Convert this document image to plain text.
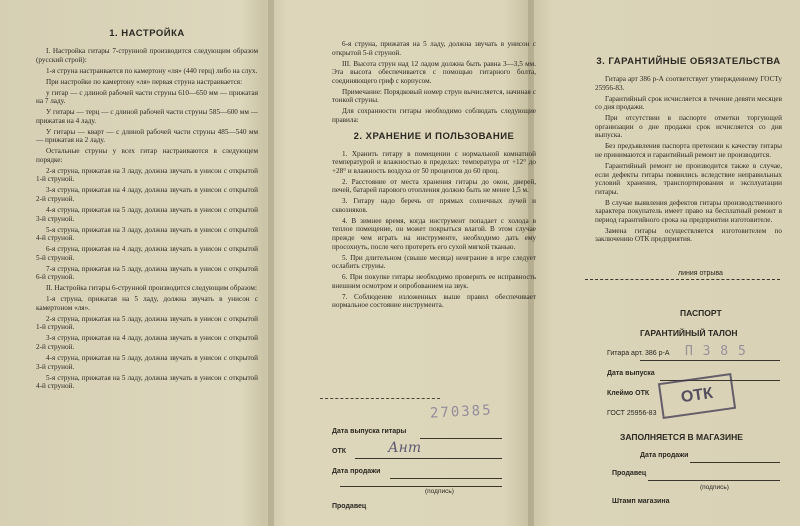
1. НАСТРОЙКА

I. Настройка гитары 7-струнной производится следующим образом (русский строй):

1-я струна настраивается по камертону «ля» (440 герц) либо на слух.

При настройке по камертону «ля» первая струна настраивается:

у гитар — с длиной рабочей части струны 610—650 мм — прижатая на 7 ладу.

У гитары — терц — с длиной рабочей части струны 585—600 мм — прижатая на 4 ладу.

У гитары — кварт — с длиной рабочей части струны 485—540 мм — прижатая на 2 ладу.

Остальные струны у всех гитар настраиваются в следующем порядке:

2-я струна, прижатая на 3 ладу, должна звучать в унисон с открытой 1-й струной.

3-я струна, прижатая на 4 ладу, должна звучать в унисон с открытой 2-й струной.

4-я струна, прижатая на 5 ладу, должна звучать в унисон с открытой 3-й струной.

5-я струна, прижатая на 3 ладу, должна звучать в унисон с открытой 4-й струной.

6-я струна, прижатая на 4 ладу, должна звучать в унисон с открытой 5-й струной.

7-я струна, прижатая на 5 ладу, должна звучать в унисон с открытой 6-й струной.

II. Настройка гитары 6-струнной производится следующим образом:

1-я струна, прижатая на 5 ладу, должна звучать в унисон с камертоном «ля».

2-я струна, прижатая на 5 ладу, должна звучать в унисон с открытой 1-й струной.

3-я струна, прижатая на 4 ладу, должна звучать в унисон с открытой 2-й струной.

4-я струна, прижатая на 5 ладу, должна звучать в унисон с открытой 3-й струной.

5-я струна, прижатая на 5 ладу, должна звучать в унисон с открытой 4-й струной.

6-я струна, прижатая на 5 ладу, должна звучать в унисон с открытой 5-й струной.

III. Высота струн над 12 ладом должна быть равна 3—3,5 мм. Эта высота обеспечивается с помощью гитарного болта, соединяющего гриф с корпусом.

Примечание: Порядковый номер струн вычисляется, начиная с тонкой струны.

Для сохранности гитары необходимо соблюдать следующие правила:

2. ХРАНЕНИЕ И ПОЛЬЗОВАНИЕ

1. Хранить гитару в помещении с нормальной комнатной температурой и влажностью в пределах: температура от +12° до +28° и влажность воздуха от 50 процентов до 60 проц.

2. Расстояние от места хранения гитары до окон, дверей, печей, батарей парового отопления должно быть не менее 1,5 м.

3. Гитару надо беречь от прямых солнечных лучей и сквозняков.

4. В зимнее время, когда инструмент попадает с холода в теплое помещение, он может покрыться влагой. В этом случае прежде чем играть на инструменте, необходимо дать ему просохнуть, после чего протереть его сухой мягкой тканью.

5. При длительном (свыше месяца) неиграние в игре следует ослабить струны.

6. При покупке гитары необходимо проверить ее исправность внешним осмотром и опробованием на звук.

7. Соблюдение изложенных выше правил обеспечивает нормальное состояние инструмента.

270385
Дата выпуска гитары
ОТК	Ант
Дата продажи
(подпись)
Продавец
3. ГАРАНТИЙНЫЕ ОБЯЗАТЕЛЬСТВА

Гитара арт 386 р-А соответствует утвержденному ГОСТу 25956-83.

Гарантийный срок исчисляется в течение девяти месяцев со дня продажи.

При отсутствии в паспорте отметки торгующей организации о дне продажи срок исчисляется со дня выпуска.

Без предъявления паспорта претензии к качеству гитары не принимаются и гарантийный ремонт не производится.

Гарантийный ремонт не производится также в случае, если дефекты гитары появились вследствие неправильных условий хранения, транспортирования и эксплуатации гитары.

В случае выявления дефектов гитары производственного характера покупатель имеет право на бесплатный ремонт в период гарантийного срока на предприятии изготовителе.

Замена гитары осуществляется изготовителем по заключению ОТК предприятия.

линия отрыва
ПАСПОРТ
ГАРАНТИЙНЫЙ ТАЛОН
Гитара арт. 386 р-А П 3 8 5
Дата выпуска
Клеймо ОТК
ГОСТ 25956-83
ОТК
ЗАПОЛНЯЕТСЯ В МАГАЗИНЕ
Дата продажи
Продавец
(подпись)
Штамп магазина
